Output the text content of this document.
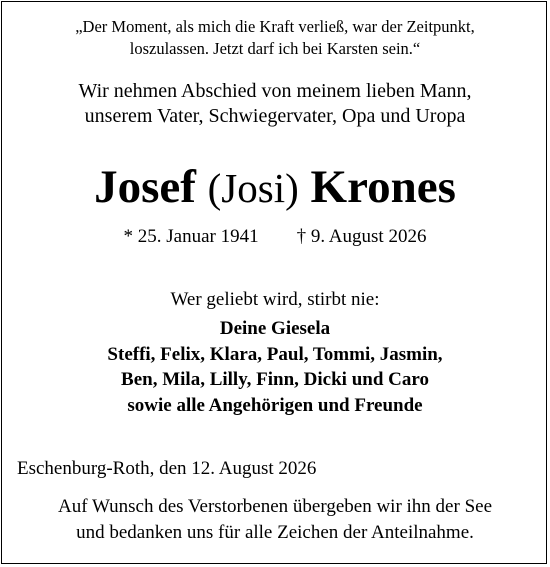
„Der Moment, als mich die Kraft verließ, war der Zeitpunkt,
loszulassen. Jetzt darf ich bei Karsten sein.“
Wir nehmen Abschied von meinem lieben Mann,
unserem Vater, Schwiegervater, Opa und Uropa
Josef (Josi) Krones
* 25. Januar 1941 † 9. August 2026
Wer geliebt wird, stirbt nie:
Deine Giesela
Steffi, Felix, Klara, Paul, Tommi, Jasmin,
Ben, Mila, Lilly, Finn, Dicki und Caro
sowie alle Angehörigen und Freunde
Eschenburg-Roth, den 12. August 2026
Auf Wunsch des Verstorbenen übergeben wir ihn der See
und bedanken uns für alle Zeichen der Anteilnahme.
